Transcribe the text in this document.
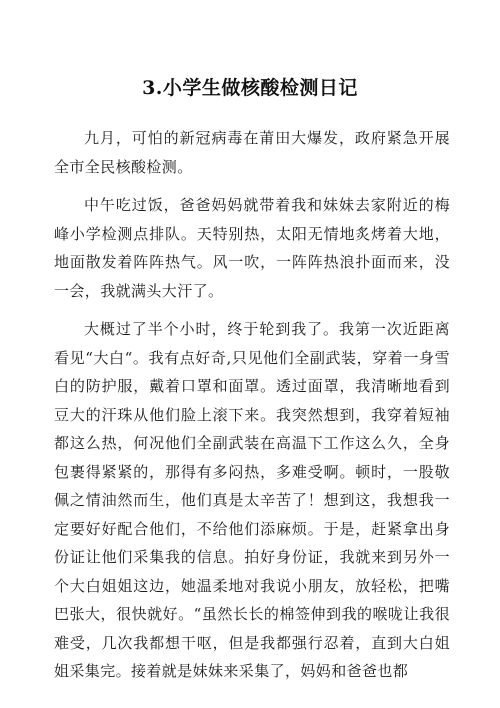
3.小学生做核酸检测日记

九月，可怕的新冠病毒在莆田大爆发，政府紧急开展全市全民核酸检测。

中午吃过饭，爸爸妈妈就带着我和妹妹去家附近的梅峰小学检测点排队。天特别热，太阳无情地炙烤着大地，地面散发着阵阵热气。风一吹，一阵阵热浪扑面而来，没一会，我就满头大汗了。

大概过了半个小时，终于轮到我了。我第一次近距离看见“大白“。我有点好奇,只见他们全副武装，穿着一身雪白的防护服，戴着口罩和面罩。透过面罩，我清晰地看到豆大的汗珠从他们脸上滚下来。我突然想到，我穿着短袖都这么热，何况他们全副武装在高温下工作这么久，全身包裹得紧紧的，那得有多闷热，多难受啊。顿时，一股敬佩之情油然而生，他们真是太辛苦了！想到这，我想我一定要好好配合他们，不给他们添麻烦。于是，赶紧拿出身份证让他们采集我的信息。拍好身份证，我就来到另外一个大白姐姐这边，她温柔地对我说小朋友，放轻松，把嘴巴张大，很快就好。“虽然长长的棉签伸到我的喉咙让我很难受，几次我都想干呕，但是我都强行忍着，直到大白姐姐采集完。接着就是妹妹来采集了，妈妈和爸爸也都
